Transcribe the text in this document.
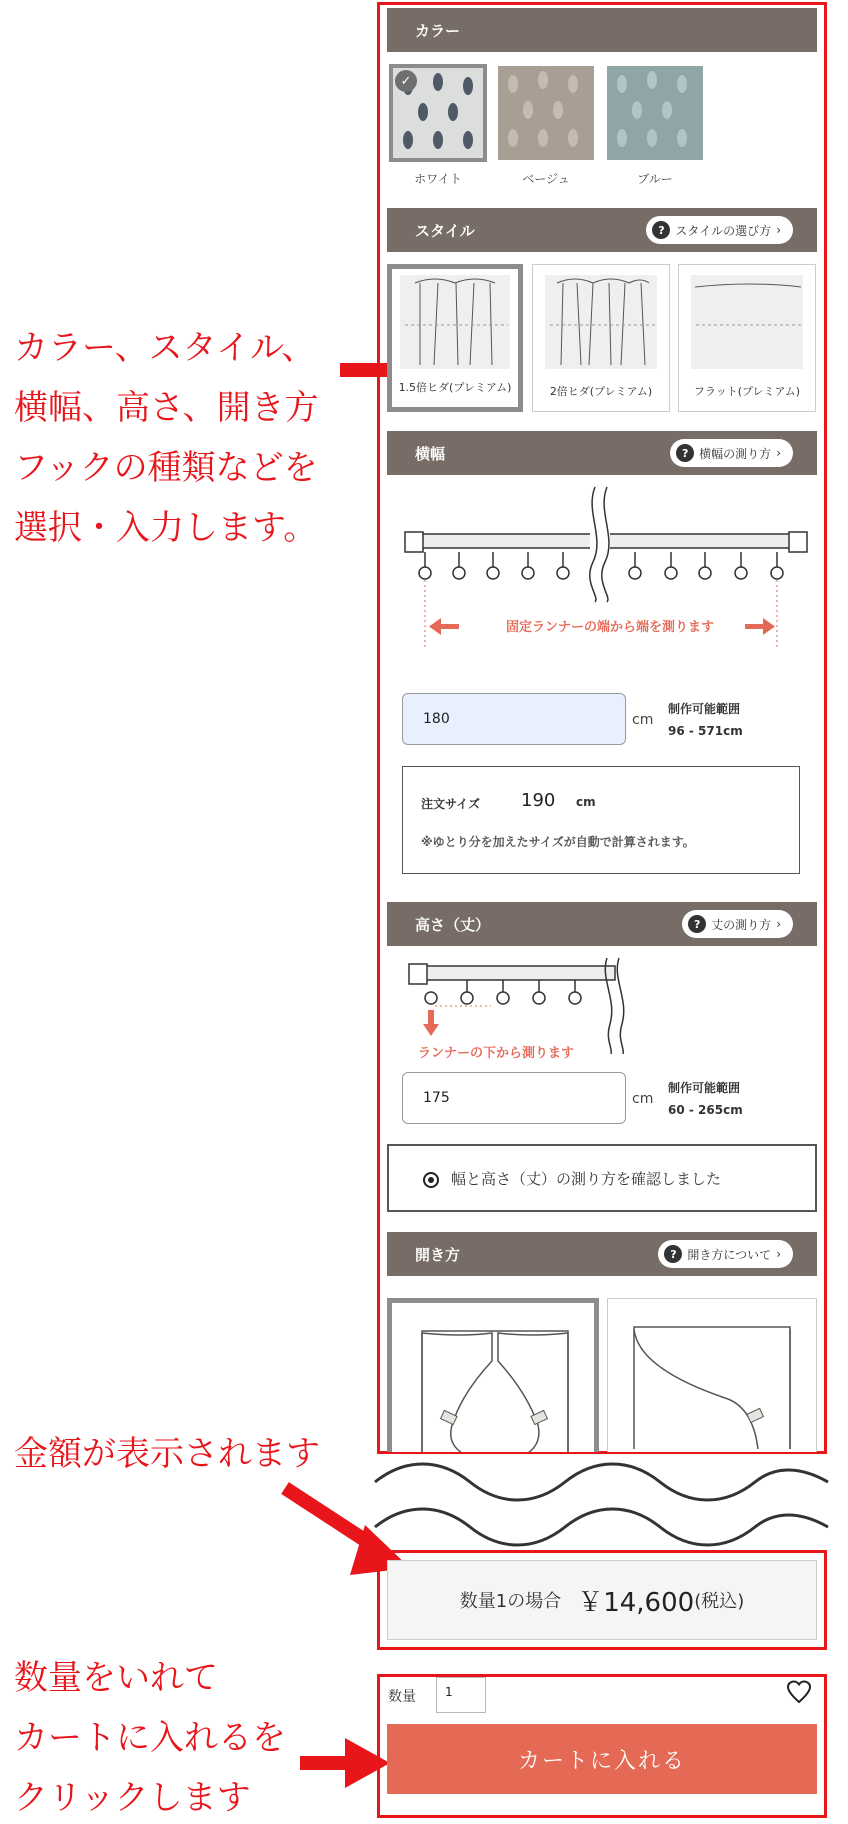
カラー、スタイル、
横幅、高さ、開き方
フックの種類などを
選択・入力します。
金額が表示されます
数量をいれて
カートに入れるを
クリックします
カラー
✓
ホワイト	ベージュ	ブルー
スタイル	? スタイルの選び方 ›
1.5倍ヒダ(プレミアム)	2倍ヒダ(プレミアム)	フラット(プレミアム)
横幅	? 横幅の測り方 ›
固定ランナーの端から端を測ります
180	cm
制作可能範囲
96 - 571cm
注文サイズ 190 cm
※ゆとり分を加えたサイズが自動で計算されます。
高さ（丈）	? 丈の測り方 ›
ランナーの下から測ります
175	cm
制作可能範囲
60 - 265cm
幅と高さ（丈）の測り方を確認しました
開き方	? 開き方について ›
数量1の場合 ￥14,600 (税込)
数量	1
カートに入れる
